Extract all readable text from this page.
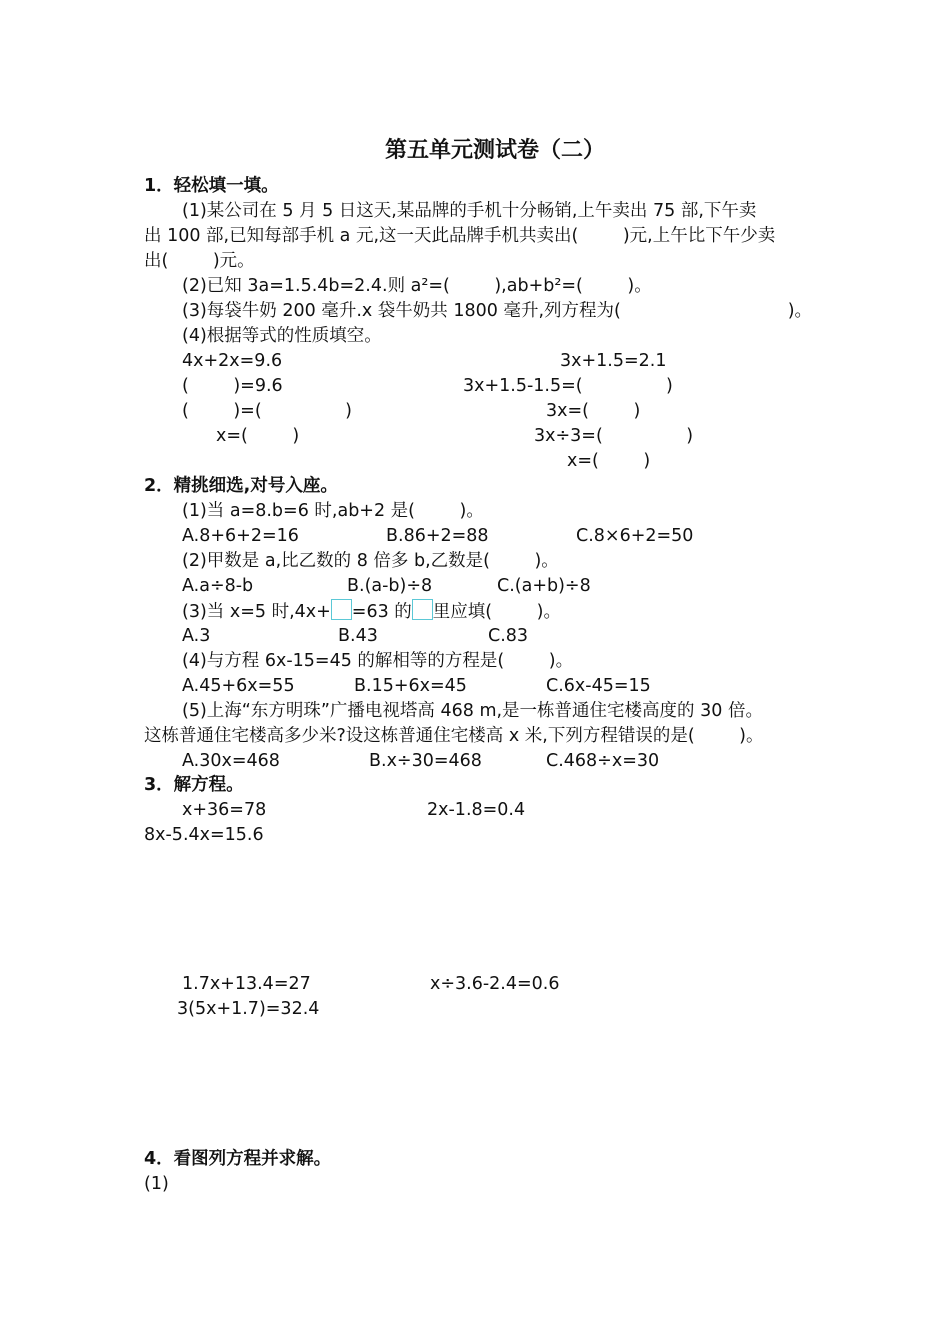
第五单元测试卷（二）
1．轻松填一填。
(1)某公司在 5 月 5 日这天,某品牌的手机十分畅销,上午卖出 75 部,下午卖
出 100 部,已知每部手机 a 元,这一天此品牌手机共卖出(        )元,上午比下午少卖
出(        )元。
(2)已知 3a=1.5.4b=2.4.则 a²=(        ),ab+b²=(        )。
(3)每袋牛奶 200 毫升.x 袋牛奶共 1800 毫升,列方程为(                              )。
(4)根据等式的性质填空。
4x+2x=9.6	3x+1.5=2.1
(        )=9.6	3x+1.5-1.5=(               )
(        )=(               )	3x=(        )
x=(        )	3x÷3=(               )
x=(        )
2．精挑细选,对号入座。
(1)当 a=8.b=6 时,ab+2 是(        )。
A.8+6+2=16	B.86+2=88	C.8×6+2=50
(2)甲数是 a,比乙数的 8 倍多 b,乙数是(        )。
A.a÷8-b	B.(a-b)÷8	C.(a+b)÷8
(3)当 x=5 时,4x+ =63 的 里应填(        )。
A.3	B.43	C.83
(4)与方程 6x-15=45 的解相等的方程是(        )。
A.45+6x=55	B.15+6x=45	C.6x-45=15
(5)上海“东方明珠”广播电视塔高 468 m,是一栋普通住宅楼高度的 30 倍。
这栋普通住宅楼高多少米?设这栋普通住宅楼高 x 米,下列方程错误的是(        )。
A.30x=468	B.x÷30=468	C.468÷x=30
3．解方程。
x+36=78	2x-1.8=0.4
8x-5.4x=15.6
1.7x+13.4=27	x÷3.6-2.4=0.6
3(5x+1.7)=32.4
4．看图列方程并求解。
(1)
